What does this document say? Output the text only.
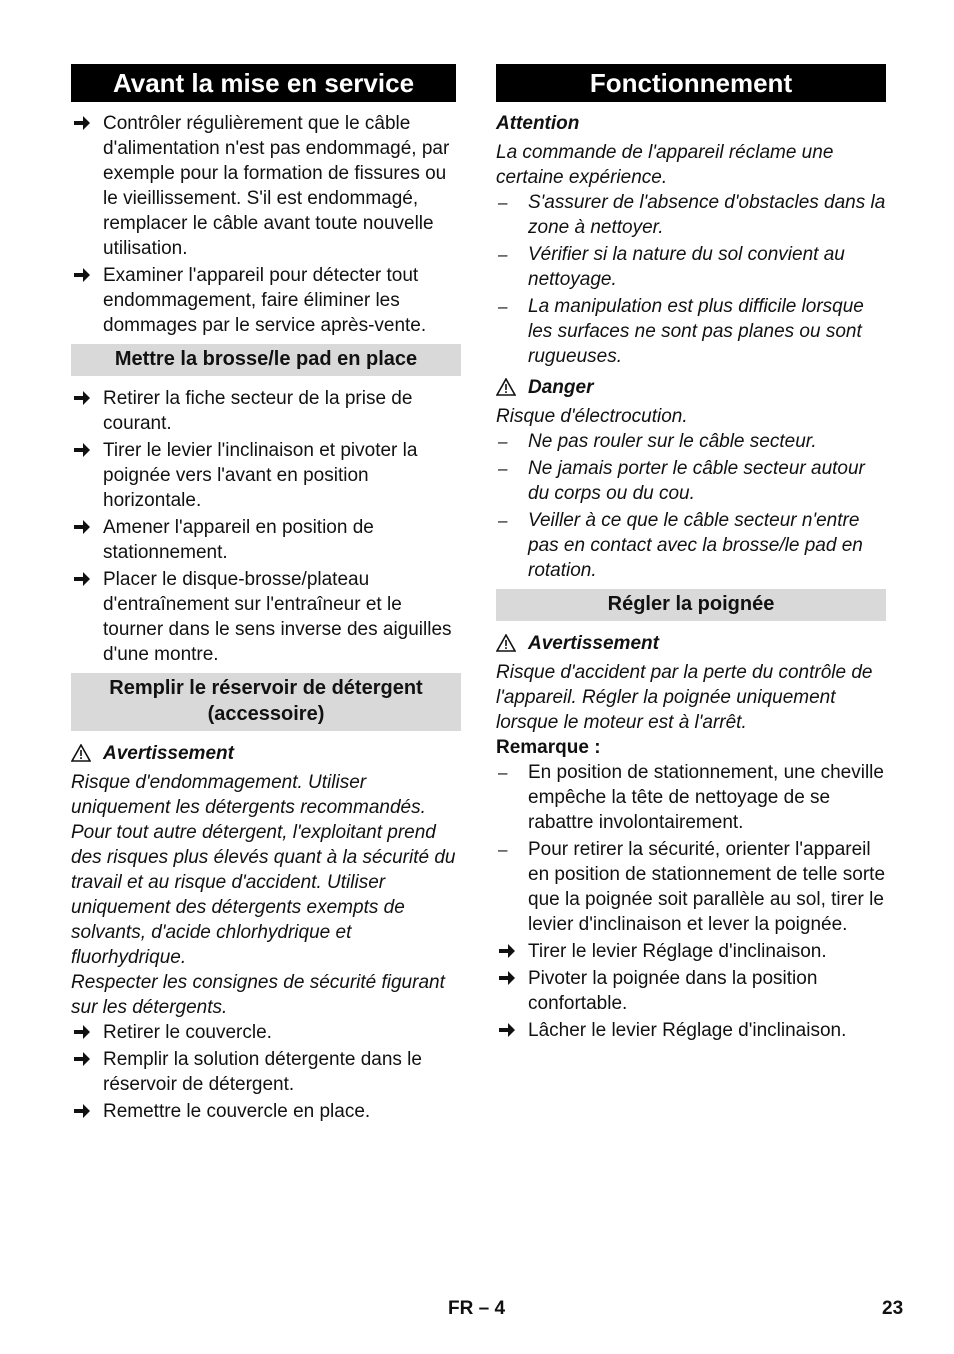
Avant la mise en service
Contrôler régulièrement que le câble d'alimentation n'est pas endommagé, par exemple pour la formation de fissures ou le vieillissement. S'il est endommagé, remplacer le câble avant toute nouvelle utilisation.
Examiner l'appareil pour détecter tout endommagement, faire éliminer les dommages par le service après-vente.
Mettre la brosse/le pad en place
Retirer la fiche secteur de la prise de courant.
Tirer le levier l'inclinaison et pivoter la poignée vers l'avant en position horizontale.
Amener l'appareil en position de stationnement.
Placer le disque-brosse/plateau d'entraînement sur l'entraîneur et le tourner dans le sens inverse des aiguilles d'une montre.
Remplir le réservoir de détergent (accessoire)
Avertissement
Risque d'endommagement. Utiliser uniquement les détergents recommandés. Pour tout autre détergent, l'exploitant prend des risques plus élevés quant à la sécurité du travail et au risque d'accident. Utiliser uniquement des détergents exempts de solvants, d'acide chlorhydrique et fluorhydrique.
Respecter les consignes de sécurité figurant sur les détergents.
Retirer le couvercle.
Remplir la solution détergente dans le réservoir de détergent.
Remettre le couvercle en place.
Fonctionnement
Attention
La commande de l'appareil réclame une certaine expérience.
– S'assurer de l'absence d'obstacles dans la zone à nettoyer.
– Vérifier si la nature du sol convient au nettoyage.
– La manipulation est plus difficile lorsque les surfaces ne sont pas planes ou sont rugueuses.
Danger
Risque d'électrocution.
– Ne pas rouler sur le câble secteur.
– Ne jamais porter le câble secteur autour du corps ou du cou.
– Veiller à ce que le câble secteur n'entre pas en contact avec la brosse/le pad en rotation.
Régler la poignée
Avertissement
Risque d'accident par la perte du contrôle de l'appareil. Régler la poignée uniquement lorsque le moteur est à l'arrêt.
Remarque :
– En position de stationnement, une cheville empêche la tête de nettoyage de se rabattre involontairement.
– Pour retirer la sécurité, orienter l'appareil en position de stationnement de telle sorte que la poignée soit parallèle au sol, tirer le levier d'inclinaison et lever la poignée.
Tirer le levier Réglage d'inclinaison.
Pivoter la poignée dans la position confortable.
Lâcher le levier Réglage d'inclinaison.
FR – 4	23
